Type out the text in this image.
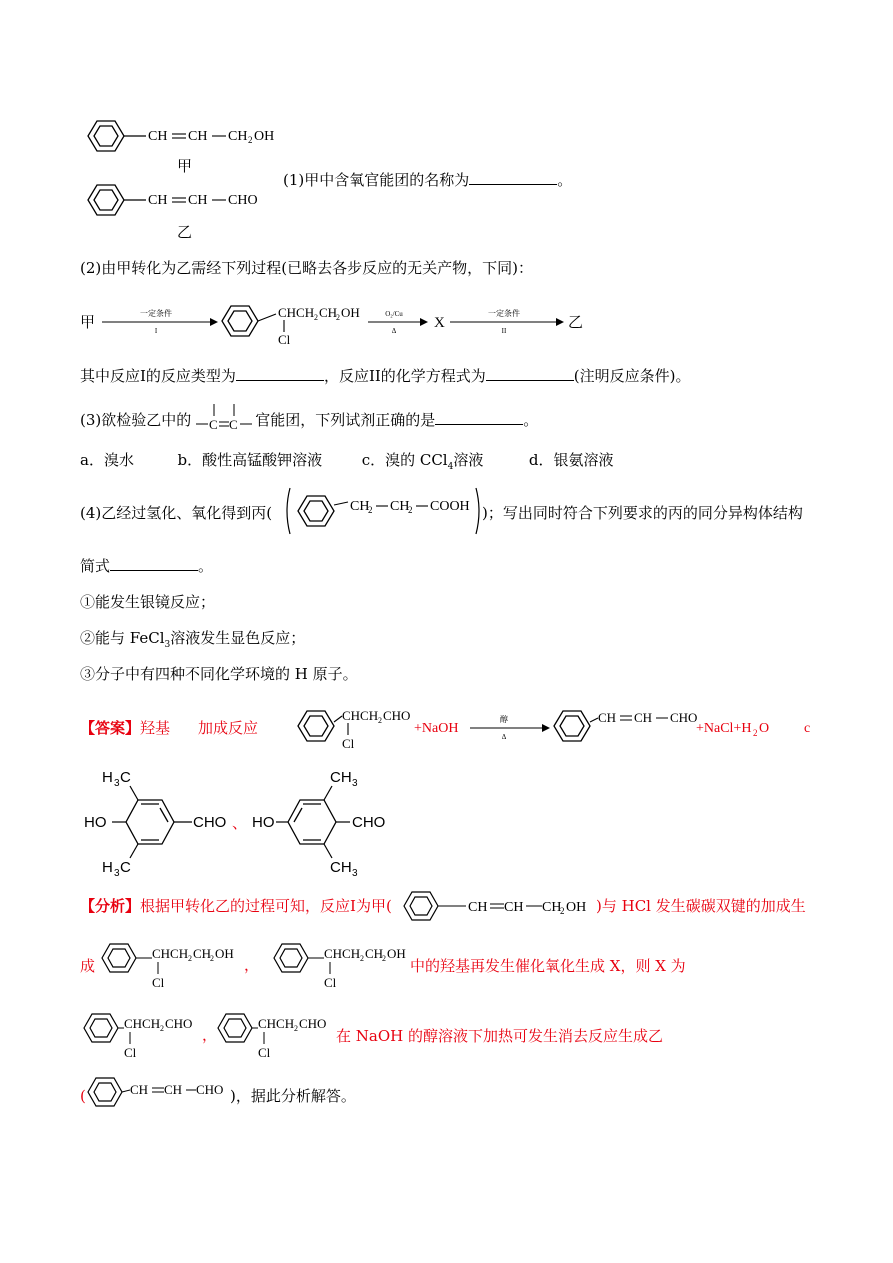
CH CH CH 2 OH
甲
CH CH CHO
乙
(1)甲中含氧官能团的名称为	。
(2)由甲转化为乙需经下列过程(已略去各步反应的无关产物，下同)：
甲	一定条件
I
CHCH 2 CH
2 OH
Cl
O₂/Cu
Δ	X
一定条件
II	乙
其中反应I的反应类型为	，反应II的化学方程式为	(注明反应条件)。
(3)欲检验乙中的	官能团，下列试剂正确的是	。
C C
a．溴水	b．酸性高锰酸钾溶液	c．溴的 CCl$_4$溶液	d．银氨溶液
(4)乙经过氢化、氧化得到丙(	CH
2 CH
2 COOH )；写出同时符合下列要求的丙的同分异构体结构
简式	。
①能发生银镜反应；
②能与 FeCl$_3$溶液发生显色反应；
③分子中有四种不同化学环境的 H 原子。
【答案】羟基 加成反应
CHCH 2 CHO
Cl
+NaOH
醇
Δ
CH CH CHO
+NaCl+H 2 O c
H 3 C
HO	CHO
H 3 C
、
CH 3
HO	CHO
CH 3
【分析】根据甲转化乙的过程可知，反应I为甲(	CH CH CH
2 OH )与 HCl 发生碳碳双键的加成生
成
CHCH 2 CH
2 OH
Cl
，
CHCH 2 CH
2 OH
Cl
中的羟基再发生催化氧化生成 X，则 X 为
CHCH 2 CHO
Cl
，
CHCH 2 CHO
Cl
在 NaOH 的醇溶液下加热可发生消去反应生成乙
(	CH CH CHO )，据此分析解答。
